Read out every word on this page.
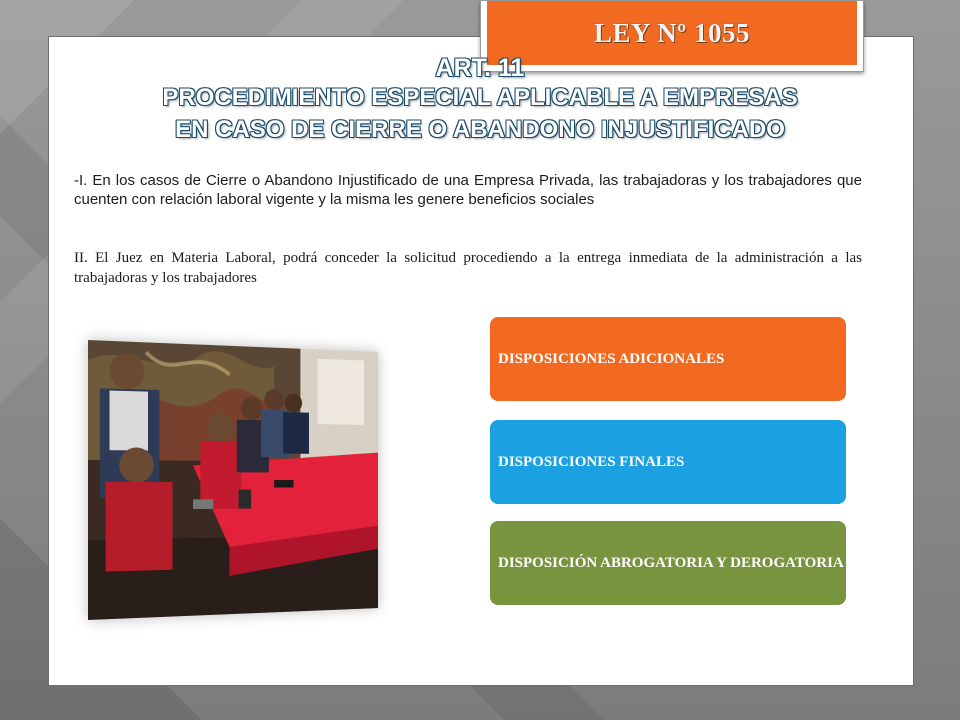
LEY Nº 1055
ART. 11
PROCEDIMIENTO ESPECIAL APLICABLE A EMPRESAS
EN CASO DE CIERRE O ABANDONO INJUSTIFICADO
-I. En los casos de Cierre o Abandono Injustificado de una Empresa Privada, las trabajadoras y los trabajadores que cuenten con relación laboral vigente y la misma les genere beneficios sociales
II. El Juez en Materia Laboral, podrá conceder la solicitud procediendo a la entrega inmediata de la administración a las trabajadoras y los trabajadores
DISPOSICIONES ADICIONALES
DISPOSICIONES FINALES
DISPOSICIÓN ABROGATORIA Y DEROGATORIA
